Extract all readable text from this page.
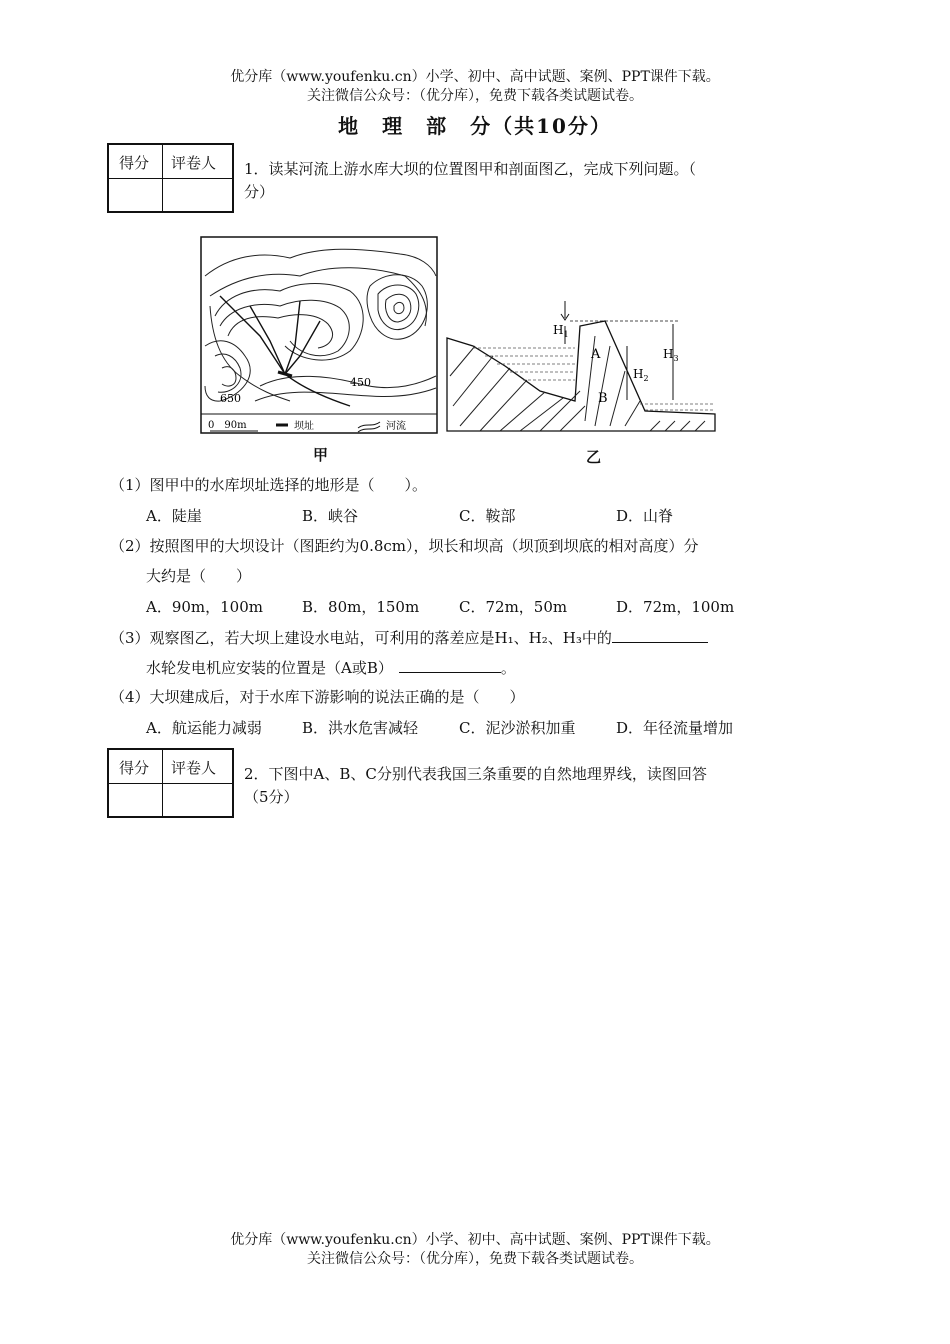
优分库（www.youfenku.cn）小学、初中、高中试题、案例、PPT课件下载。
关注微信公众号：（优分库），免费下载各类试题试卷。
地　理　部　分（共10分）
得分 评卷人 1．读某河流上游水库大坝的位置图甲和剖面图乙，完成下列问题。（
分）
450
650
0　90m	坝址	河流
甲
$H_1$
$H_2$
$H_3$
A
B
乙
（1）图甲中的水库坝址选择的地形是（　　）。
A．陡崖	B．峡谷	C．鞍部	D．山脊
（2）按照图甲的大坝设计（图距约为0.8cm），坝长和坝高（坝顶到坝底的相对高度）分
大约是（　　）
A．90m，100m	B．80m，150m	C．72m，50m	D．72m，100m
（3）观察图乙，若大坝上建设水电站，可利用的落差应是H₁、H₂、H₃中的
水轮发电机应安装的位置是（A或B）	。
（4）大坝建成后，对于水库下游影响的说法正确的是（　　）
A．航运能力减弱	B．洪水危害减轻	C．泥沙淤积加重	D．年径流量增加
得分 评卷人 2．下图中A、B、C分别代表我国三条重要的自然地理界线，读图回答
（5分）
优分库（www.youfenku.cn）小学、初中、高中试题、案例、PPT课件下载。
关注微信公众号：（优分库），免费下载各类试题试卷。
